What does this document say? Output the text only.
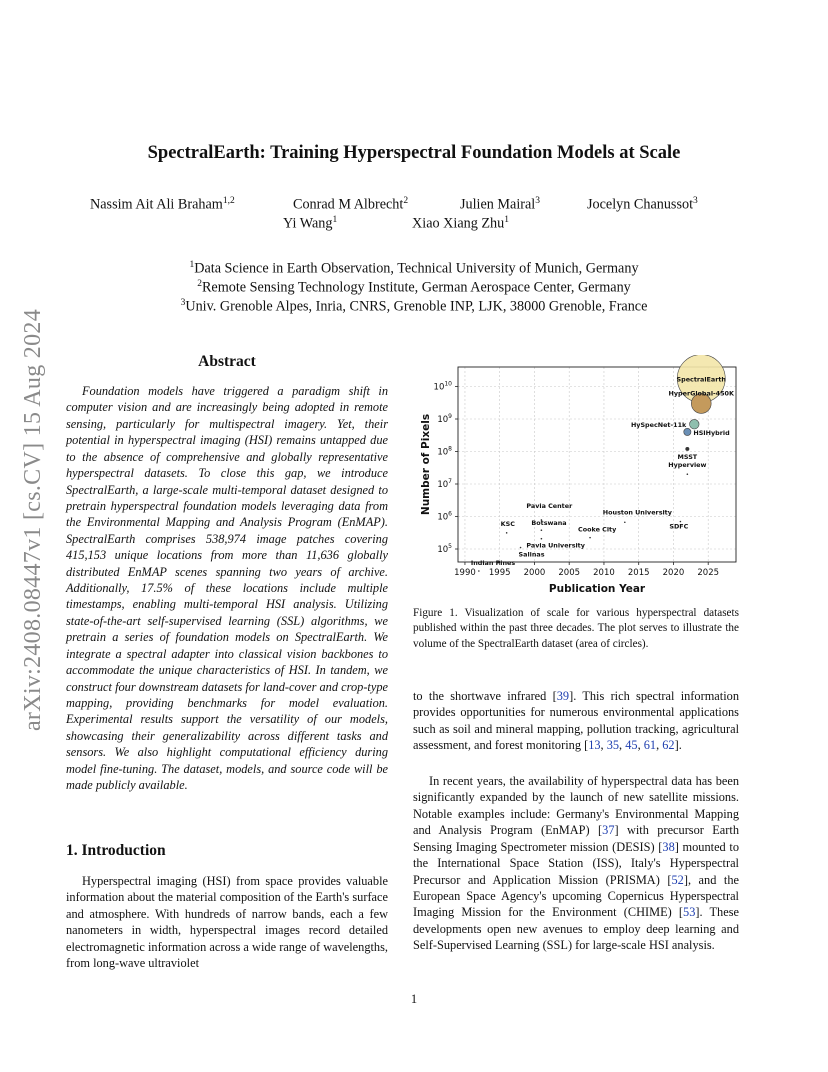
arXiv:2408.08447v1 [cs.CV] 15 Aug 2024
SpectralEarth: Training Hyperspectral Foundation Models at Scale
Nassim Ait Ali Braham$^{1,2}$	Conrad M Albrecht$^2$	Julien Mairal$^3$	Jocelyn Chanussot$^3$
Yi Wang$^1$	Xiao Xiang Zhu$^1$
$^1$Data Science in Earth Observation, Technical University of Munich, Germany
$^2$Remote Sensing Technology Institute, German Aerospace Center, Germany
$^3$Univ. Grenoble Alpes, Inria, CNRS, Grenoble INP, LJK, 38000 Grenoble, France
Abstract

Foundation models have triggered a paradigm shift in computer vision and are increasingly being adopted in remote sensing, particularly for multispectral imagery. Yet, their potential in hyperspectral imaging (HSI) remains untapped due to the absence of comprehensive and globally representative hyperspectral datasets. To close this gap, we introduce SpectralEarth, a large-scale multi-temporal dataset designed to pretrain hyperspectral foundation models leveraging data from the Environmental Mapping and Analysis Program (EnMAP). SpectralEarth comprises 538,974 image patches covering 415,153 unique locations from more than 11,636 globally distributed EnMAP scenes spanning two years of archive. Additionally, 17.5% of these locations include multiple timestamps, enabling multi-temporal HSI analysis. Utilizing state-of-the-art self-supervised learning (SSL) algorithms, we pretrain a series of foundation models on SpectralEarth. We integrate a spectral adapter into classical vision backbones to accommodate the unique characteristics of HSI. In tandem, we construct four downstream datasets for land-cover and crop-type mapping, providing benchmarks for model evaluation. Experimental results support the versatility of our models, showcasing their generalizability across different tasks and sensors. We also highlight computational efficiency during model fine-tuning. The dataset, models, and source code will be made publicly available.

1. Introduction

Hyperspectral imaging (HSI) from space provides valuable information about the material composition of the Earth's surface and atmosphere. With hundreds of narrow bands, each a few nanometers in width, hyperspectral images record detailed electromagnetic information across a wide range of wavelengths, from long-wave ultraviolet

1990 1995 2000 2005 2010 2015 2020 2025
$10^{10}$
$10^9$
$10^8$
$10^7$
$10^6$
$10^5$
Publication Year
Number of Pixels
SpectralEarth
HyperGlobal-450K
HySpecNet-11k
HSIHybrid
MSST
Hyperview
Pavia Center
SDFC
Houston University
Botswana
KSC
Cooke City
Pavia University
Salinas
Indian Pines
Figure 1. Visualization of scale for various hyperspectral datasets published within the past three decades. The plot serves to illustrate the volume of the SpectralEarth dataset (area of circles).

to the shortwave infrared [39]. This rich spectral information provides opportunities for numerous environmental applications such as soil and mineral mapping, pollution tracking, agricultural assessment, and forest monitoring [13, 35, 45, 61, 62].

In recent years, the availability of hyperspectral data has been significantly expanded by the launch of new satellite missions. Notable examples include: Germany's Environmental Mapping and Analysis Program (EnMAP) [37] with precursor Earth Sensing Imaging Spectrometer mission (DESIS) [38] mounted to the International Space Station (ISS), Italy's Hyperspectral Precursor and Application Mission (PRISMA) [52], and the European Space Agency's upcoming Copernicus Hyperspectral Imaging Mission for the Environment (CHIME) [53]. These developments open new avenues to employ deep learning and Self-Supervised Learning (SSL) for large-scale HSI analysis.

1
